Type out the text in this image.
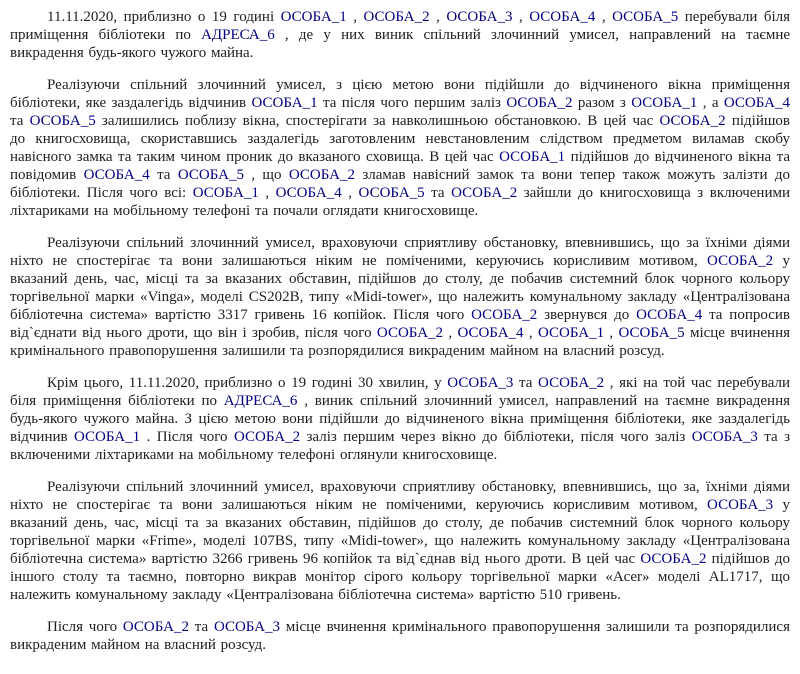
11.11.2020, приблизно о 19 годині ОСОБА_1 , ОСОБА_2 , ОСОБА_3 , ОСОБА_4 , ОСОБА_5 перебували біля приміщення бібліотеки по АДРЕСА_6 , де у них виник спільний злочинний умисел, направлений на таємне викрадення будь-якого чужого майна.

Реалізуючи спільний злочинний умисел, з цією метою вони підійшли до відчиненого вікна приміщення бібліотеки, яке заздалегідь відчинив ОСОБА_1 та після чого першим заліз ОСОБА_2 разом з ОСОБА_1 , а ОСОБА_4 та ОСОБА_5 залишились поблизу вікна, спостерігати за навколишньою обстановкою. В цей час ОСОБА_2 підійшов до книгосховища, скориставшись заздалегідь заготовленим невстановленим слідством предметом виламав скобу навісного замка та таким чином проник до вказаного сховища. В цей час ОСОБА_1 підійшов до відчиненого вікна та повідомив ОСОБА_4 та ОСОБА_5 , що ОСОБА_2 зламав навісний замок та вони тепер також можуть залізти до бібліотеки. Після чого всі: ОСОБА_1 , ОСОБА_4 , ОСОБА_5 та ОСОБА_2 зайшли до книгосховища з включеними ліхтариками на мобільному телефоні та почали оглядати книгосховище.

Реалізуючи спільний злочинний умисел, враховуючи сприятливу обстановку, впевнившись, що за їхніми діями ніхто не спостерігає та вони залишаються ніким не поміченими, керуючись корисливим мотивом, ОСОБА_2 у вказаний день, час, місці та за вказаних обставин, підійшов до столу, де побачив системний блок чорного кольору торгівельної марки «Vinga», моделі CS202B, типу «Midi-tower», що належить комунальному закладу «Централізована бібліотечна система» вартістю 3317 гривень 16 копійок. Після чого ОСОБА_2 звернувся до ОСОБА_4 та попросив від`єднати від нього дроти, що він і зробив, після чого ОСОБА_2 , ОСОБА_4 , ОСОБА_1 , ОСОБА_5 місце вчинення кримінального правопорушення залишили та розпорядилися викраденим майном на власний розсуд.

Крім цього, 11.11.2020, приблизно о 19 годині 30 хвилин, у ОСОБА_3 та ОСОБА_2 , які на той час перебували біля приміщення бібліотеки по АДРЕСА_6 , виник спільний злочинний умисел, направлений на таємне викрадення будь-якого чужого майна. З цією метою вони підійшли до відчиненого вікна приміщення бібліотеки, яке заздалегідь відчинив ОСОБА_1 . Після чого ОСОБА_2 заліз першим через вікно до бібліотеки, після чого заліз ОСОБА_3 та з включеними ліхтариками на мобільному телефоні оглянули книгосховище.

Реалізуючи спільний злочинний умисел, враховуючи сприятливу обстановку, впевнившись, що за, їхніми діями ніхто не спостерігає та вони залишаються ніким не поміченими, керуючись корисливим мотивом, ОСОБА_3 у вказаний день, час, місці та за вказаних обставин, підійшов до столу, де побачив системний блок чорного кольору торгівельної марки «Frime», моделі 107BS, типу «Midi-tower», що належить комунальному закладу «Централізована бібліотечна система» вартістю 3266 гривень 96 копійок та від`єднав від нього дроти. В цей час ОСОБА_2 підійшов до іншого столу та таємно, повторно викрав монітор сірого кольору торгівельної марки «Acer» моделі AL1717, що належить комунальному закладу «Централізована бібліотечна система» вартістю 510 гривень.

Після чого ОСОБА_2 та ОСОБА_3 місце вчинення кримінального правопорушення залишили та розпорядилися викраденим майном на власний розсуд.
